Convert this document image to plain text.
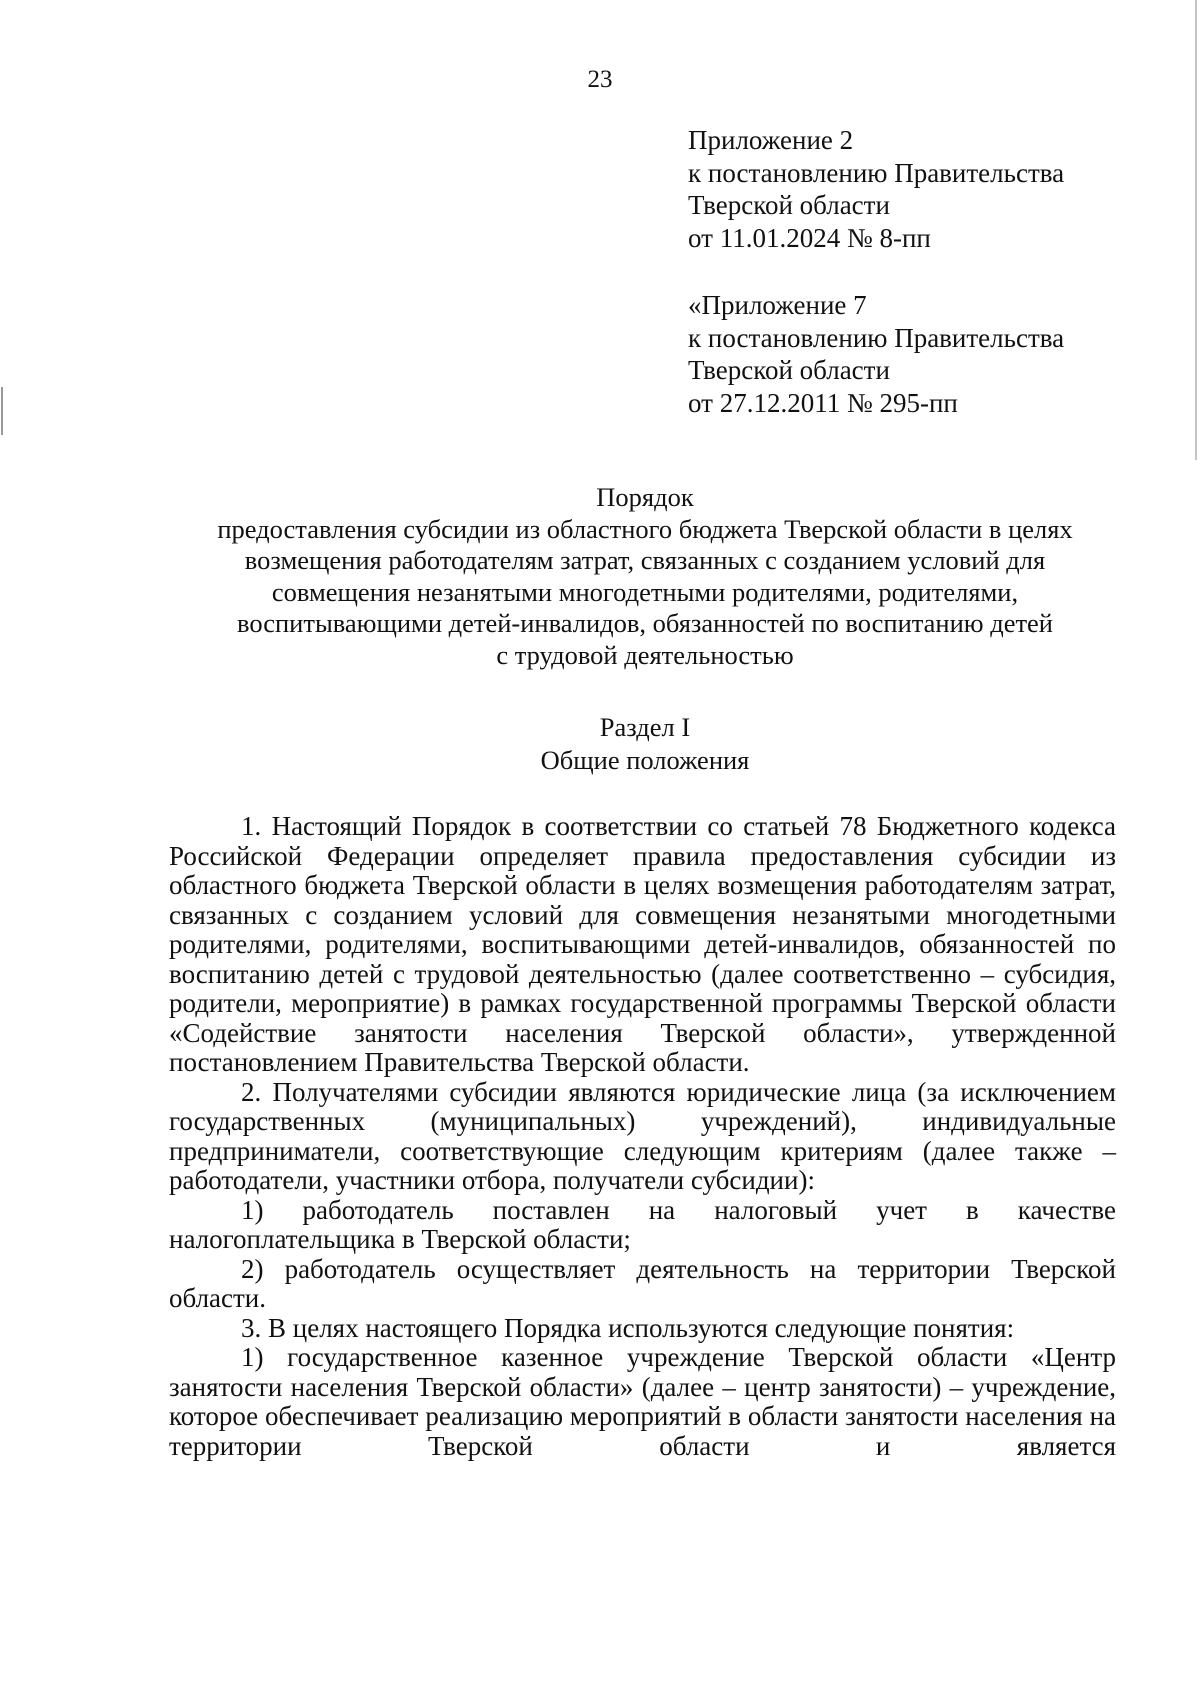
23
Приложение 2
к постановлению Правительства
Тверской области
от 11.01.2024 № 8-пп
«Приложение 7
к постановлению Правительства
Тверской области
от 27.12.2011 № 295-пп
Порядок
предоставления субсидии из областного бюджета Тверской области в целях
возмещения работодателям затрат, связанных с созданием условий для
совмещения незанятыми многодетными родителями, родителями,
воспитывающими детей-инвалидов, обязанностей по воспитанию детей
с трудовой деятельностью
Раздел I
Общие положения

1. Настоящий Порядок в соответствии со статьей 78 Бюджетного кодекса Российской Федерации определяет правила предоставления субсидии из областного бюджета Тверской области в целях возмещения работодателям затрат, связанных с созданием условий для совмещения незанятыми многодетными родителями, родителями, воспитывающими детей-инвалидов, обязанностей по воспитанию детей с трудовой деятельностью (далее соответственно – субсидия, родители, мероприятие) в рамках государственной программы Тверской области «Содействие занятости населения Тверской области», утвержденной постановлением Правительства Тверской области.

2. Получателями субсидии являются юридические лица (за исключением государственных (муниципальных) учреждений), индивидуальные предприниматели, соответствующие следующим критериям (далее также – работодатели, участники отбора, получатели субсидии):

1) работодатель поставлен на налоговый учет в качестве налогоплательщика в Тверской области;

2) работодатель осуществляет деятельность на территории Тверской области.

3. В целях настоящего Порядка используются следующие понятия:

1) государственное казенное учреждение Тверской области «Центр занятости населения Тверской области» (далее – центр занятости) – учреждение, которое обеспечивает реализацию мероприятий в области занятости населения на территории Тверской области и является
